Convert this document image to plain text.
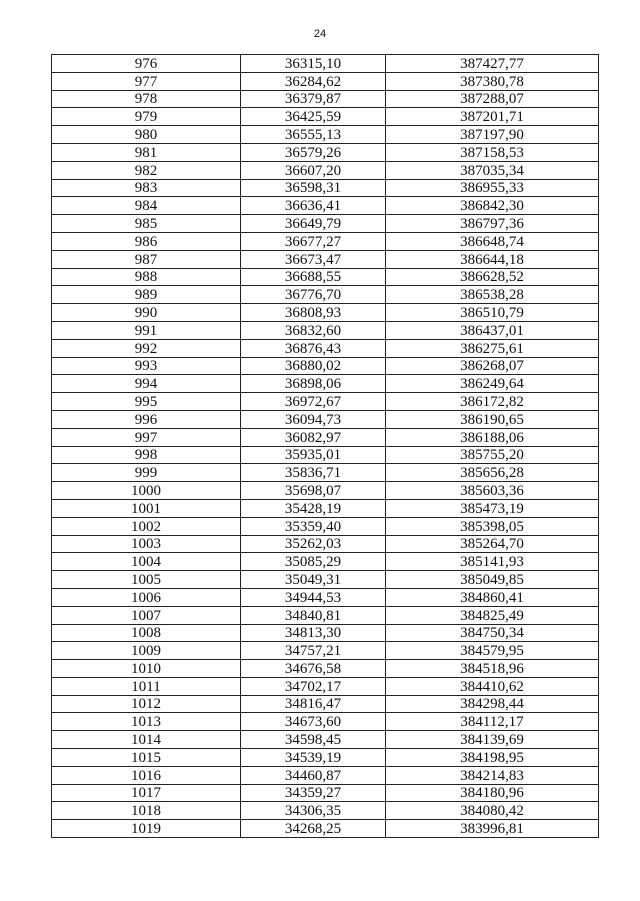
24
976	36315,10	387427,77
977	36284,62	387380,78
978	36379,87	387288,07
979	36425,59	387201,71
980	36555,13	387197,90
981	36579,26	387158,53
982	36607,20	387035,34
983	36598,31	386955,33
984	36636,41	386842,30
985	36649,79	386797,36
986	36677,27	386648,74
987	36673,47	386644,18
988	36688,55	386628,52
989	36776,70	386538,28
990	36808,93	386510,79
991	36832,60	386437,01
992	36876,43	386275,61
993	36880,02	386268,07
994	36898,06	386249,64
995	36972,67	386172,82
996	36094,73	386190,65
997	36082,97	386188,06
998	35935,01	385755,20
999	35836,71	385656,28
1000	35698,07	385603,36
1001	35428,19	385473,19
1002	35359,40	385398,05
1003	35262,03	385264,70
1004	35085,29	385141,93
1005	35049,31	385049,85
1006	34944,53	384860,41
1007	34840,81	384825,49
1008	34813,30	384750,34
1009	34757,21	384579,95
1010	34676,58	384518,96
1011	34702,17	384410,62
1012	34816,47	384298,44
1013	34673,60	384112,17
1014	34598,45	384139,69
1015	34539,19	384198,95
1016	34460,87	384214,83
1017	34359,27	384180,96
1018	34306,35	384080,42
1019	34268,25	383996,81
